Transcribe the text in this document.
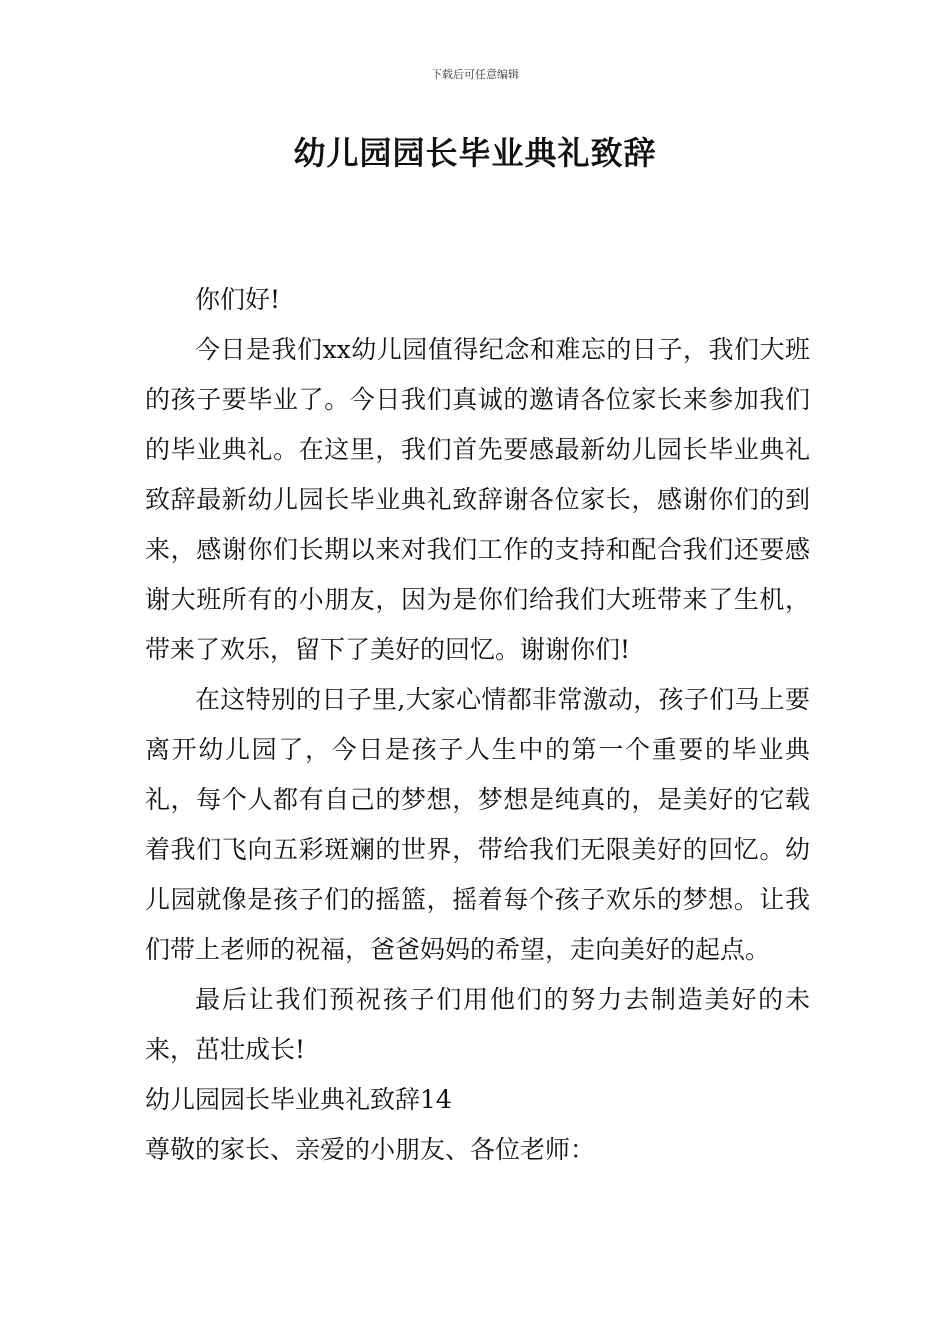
下载后可任意编辑
幼儿园园长毕业典礼致辞

你们好!

今日是我们xx幼儿园值得纪念和难忘的日子，我们大班的孩子要毕业了。今日我们真诚的邀请各位家长来参加我们的毕业典礼。在这里，我们首先要感最新幼儿园长毕业典礼致辞最新幼儿园长毕业典礼致辞谢各位家长，感谢你们的到来，感谢你们长期以来对我们工作的支持和配合我们还要感谢大班所有的小朋友，因为是你们给我们大班带来了生机，带来了欢乐，留下了美好的回忆。谢谢你们!

在这特别的日子里,大家心情都非常激动，孩子们马上要离开幼儿园了，今日是孩子人生中的第一个重要的毕业典礼，每个人都有自己的梦想，梦想是纯真的，是美好的它载着我们飞向五彩斑斓的世界，带给我们无限美好的回忆。幼儿园就像是孩子们的摇篮，摇着每个孩子欢乐的梦想。让我们带上老师的祝福，爸爸妈妈的希望，走向美好的起点。

最后让我们预祝孩子们用他们的努力去制造美好的未来，茁壮成长!

幼儿园园长毕业典礼致辞14

尊敬的家长、亲爱的小朋友、各位老师：
